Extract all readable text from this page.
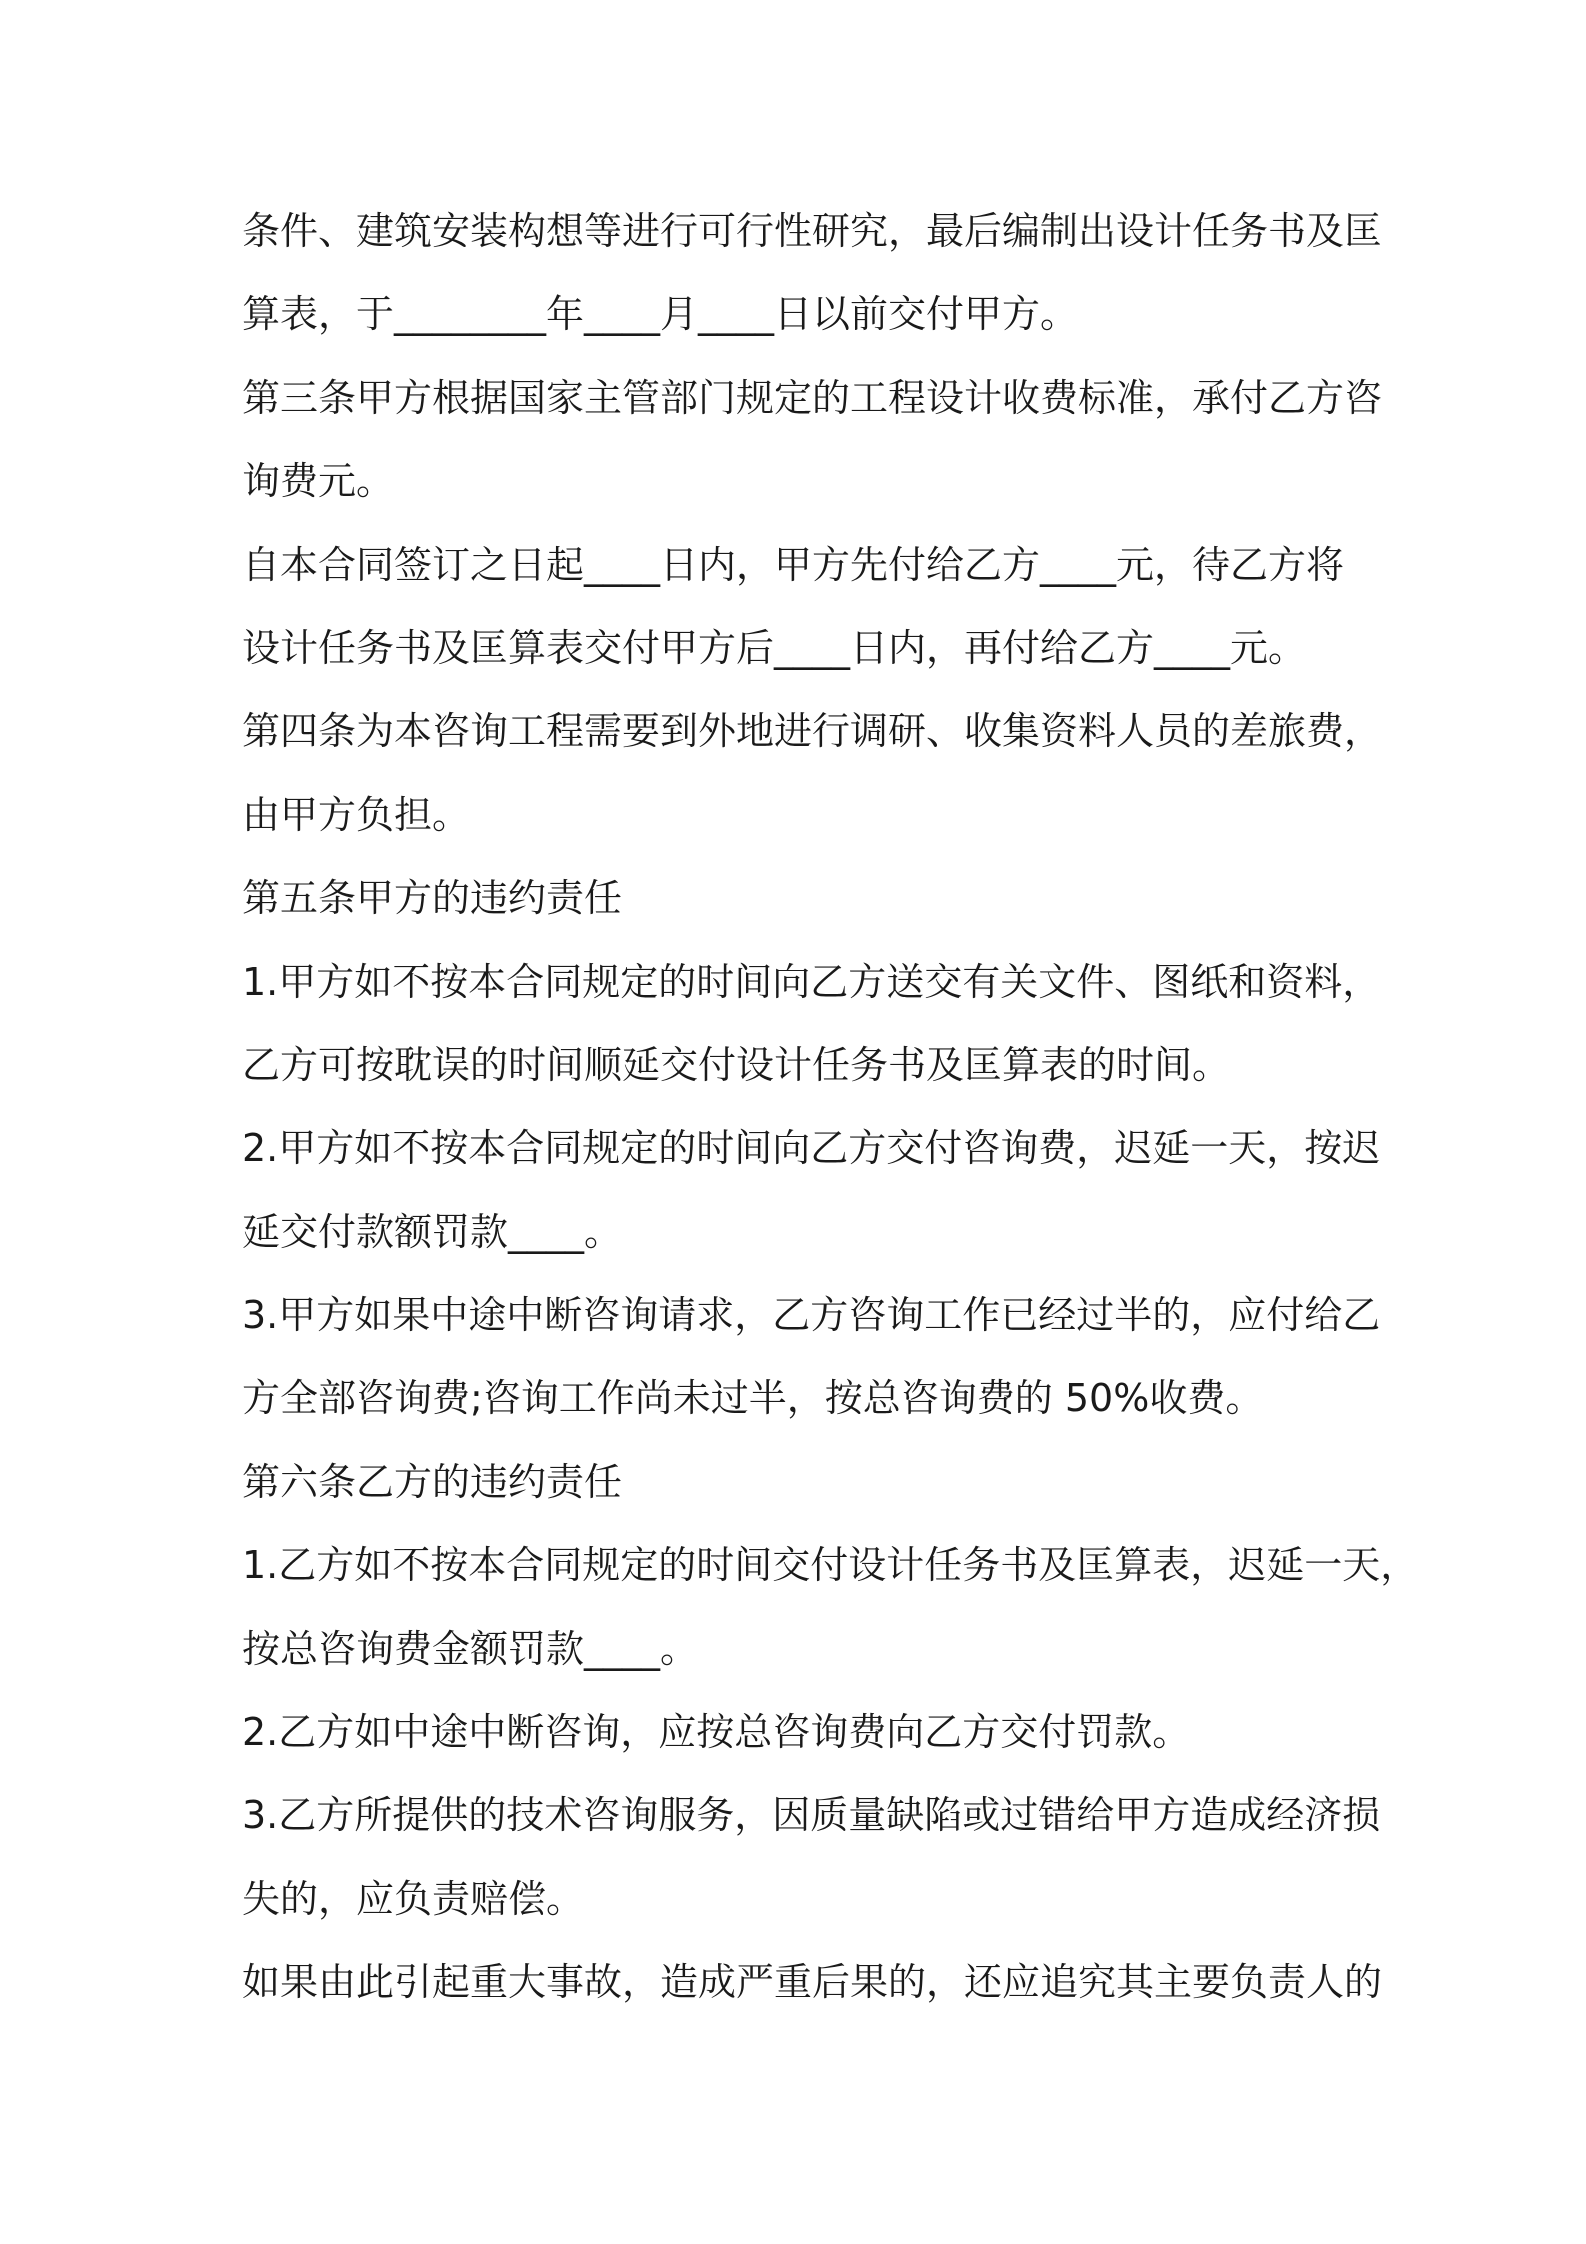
条件、建筑安装构想等进行可行性研究，最后编制出设计任务书及匡
算表，于________年____月____日以前交付甲方。
第三条甲方根据国家主管部门规定的工程设计收费标准，承付乙方咨
询费元。
自本合同签订之日起____日内，甲方先付给乙方____元，待乙方将
设计任务书及匡算表交付甲方后____日内，再付给乙方____元。
第四条为本咨询工程需要到外地进行调研、收集资料人员的差旅费，
由甲方负担。
第五条甲方的违约责任
1.甲方如不按本合同规定的时间向乙方送交有关文件、图纸和资料，
乙方可按耽误的时间顺延交付设计任务书及匡算表的时间。
2.甲方如不按本合同规定的时间向乙方交付咨询费，迟延一天，按迟
延交付款额罚款____。
3.甲方如果中途中断咨询请求，乙方咨询工作已经过半的，应付给乙
方全部咨询费;咨询工作尚未过半，按总咨询费的 50%收费。
第六条乙方的违约责任
1.乙方如不按本合同规定的时间交付设计任务书及匡算表，迟延一天，
按总咨询费金额罚款____。
2.乙方如中途中断咨询，应按总咨询费向乙方交付罚款。
3.乙方所提供的技术咨询服务，因质量缺陷或过错给甲方造成经济损
失的，应负责赔偿。
如果由此引起重大事故，造成严重后果的，还应追究其主要负责人的
